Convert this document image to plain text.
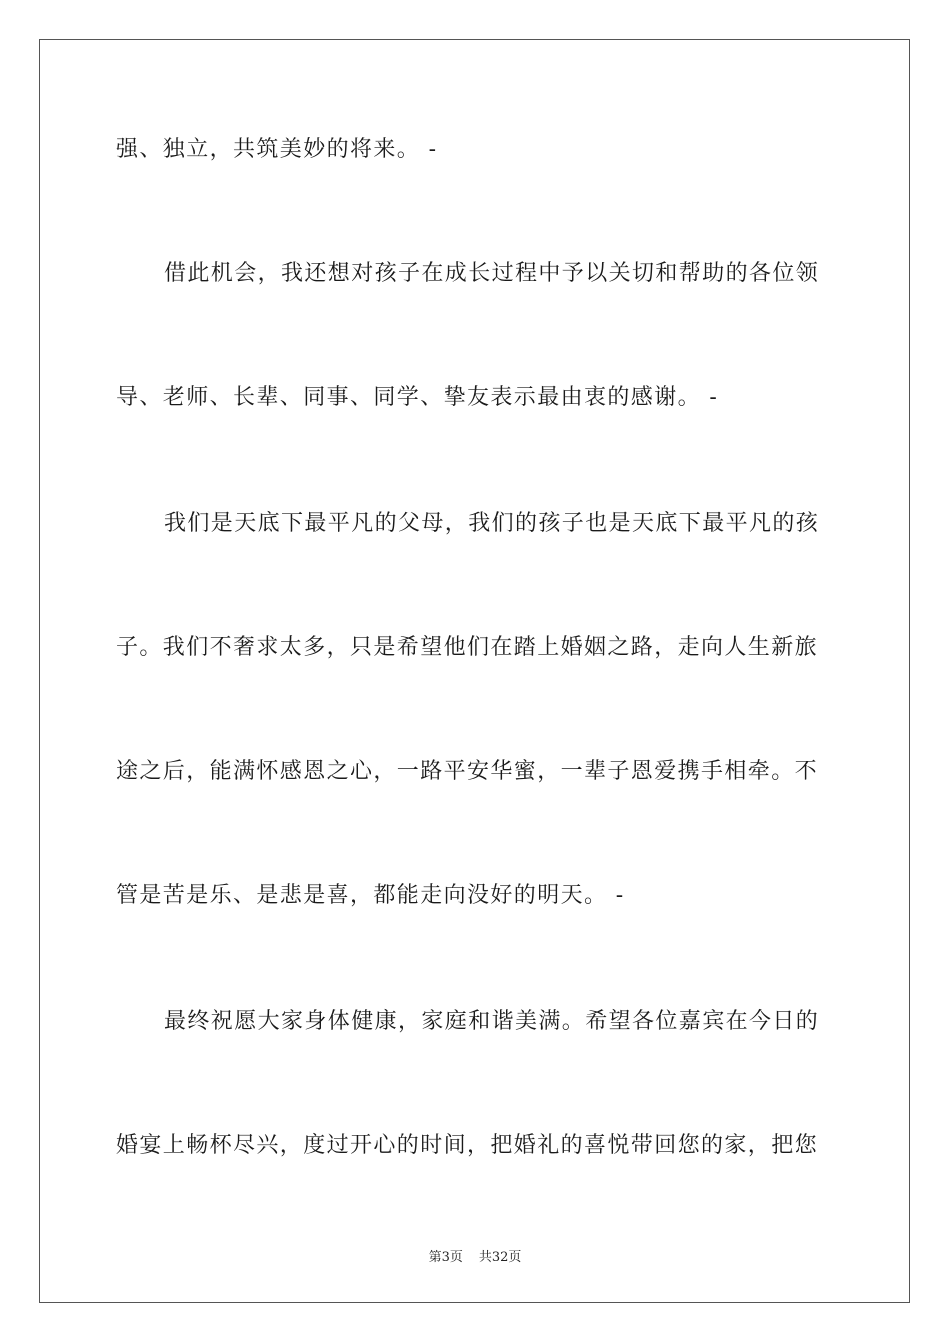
强、独立，共筑美妙的将来。 -
借此机会，我还想对孩子在成长过程中予以关切和帮助的各位领
导、老师、长辈、同事、同学、挚友表示最由衷的感谢。 -
我们是天底下最平凡的父母，我们的孩子也是天底下最平凡的孩
子。我们不奢求太多，只是希望他们在踏上婚姻之路，走向人生新旅
途之后，能满怀感恩之心，一路平安华蜜，一辈子恩爱携手相牵。不
管是苦是乐、是悲是喜，都能走向没好的明天。 -
最终祝愿大家身体健康，家庭和谐美满。希望各位嘉宾在今日的
婚宴上畅杯尽兴，度过开心的时间，把婚礼的喜悦带回您的家，把您
第3页 共32页
